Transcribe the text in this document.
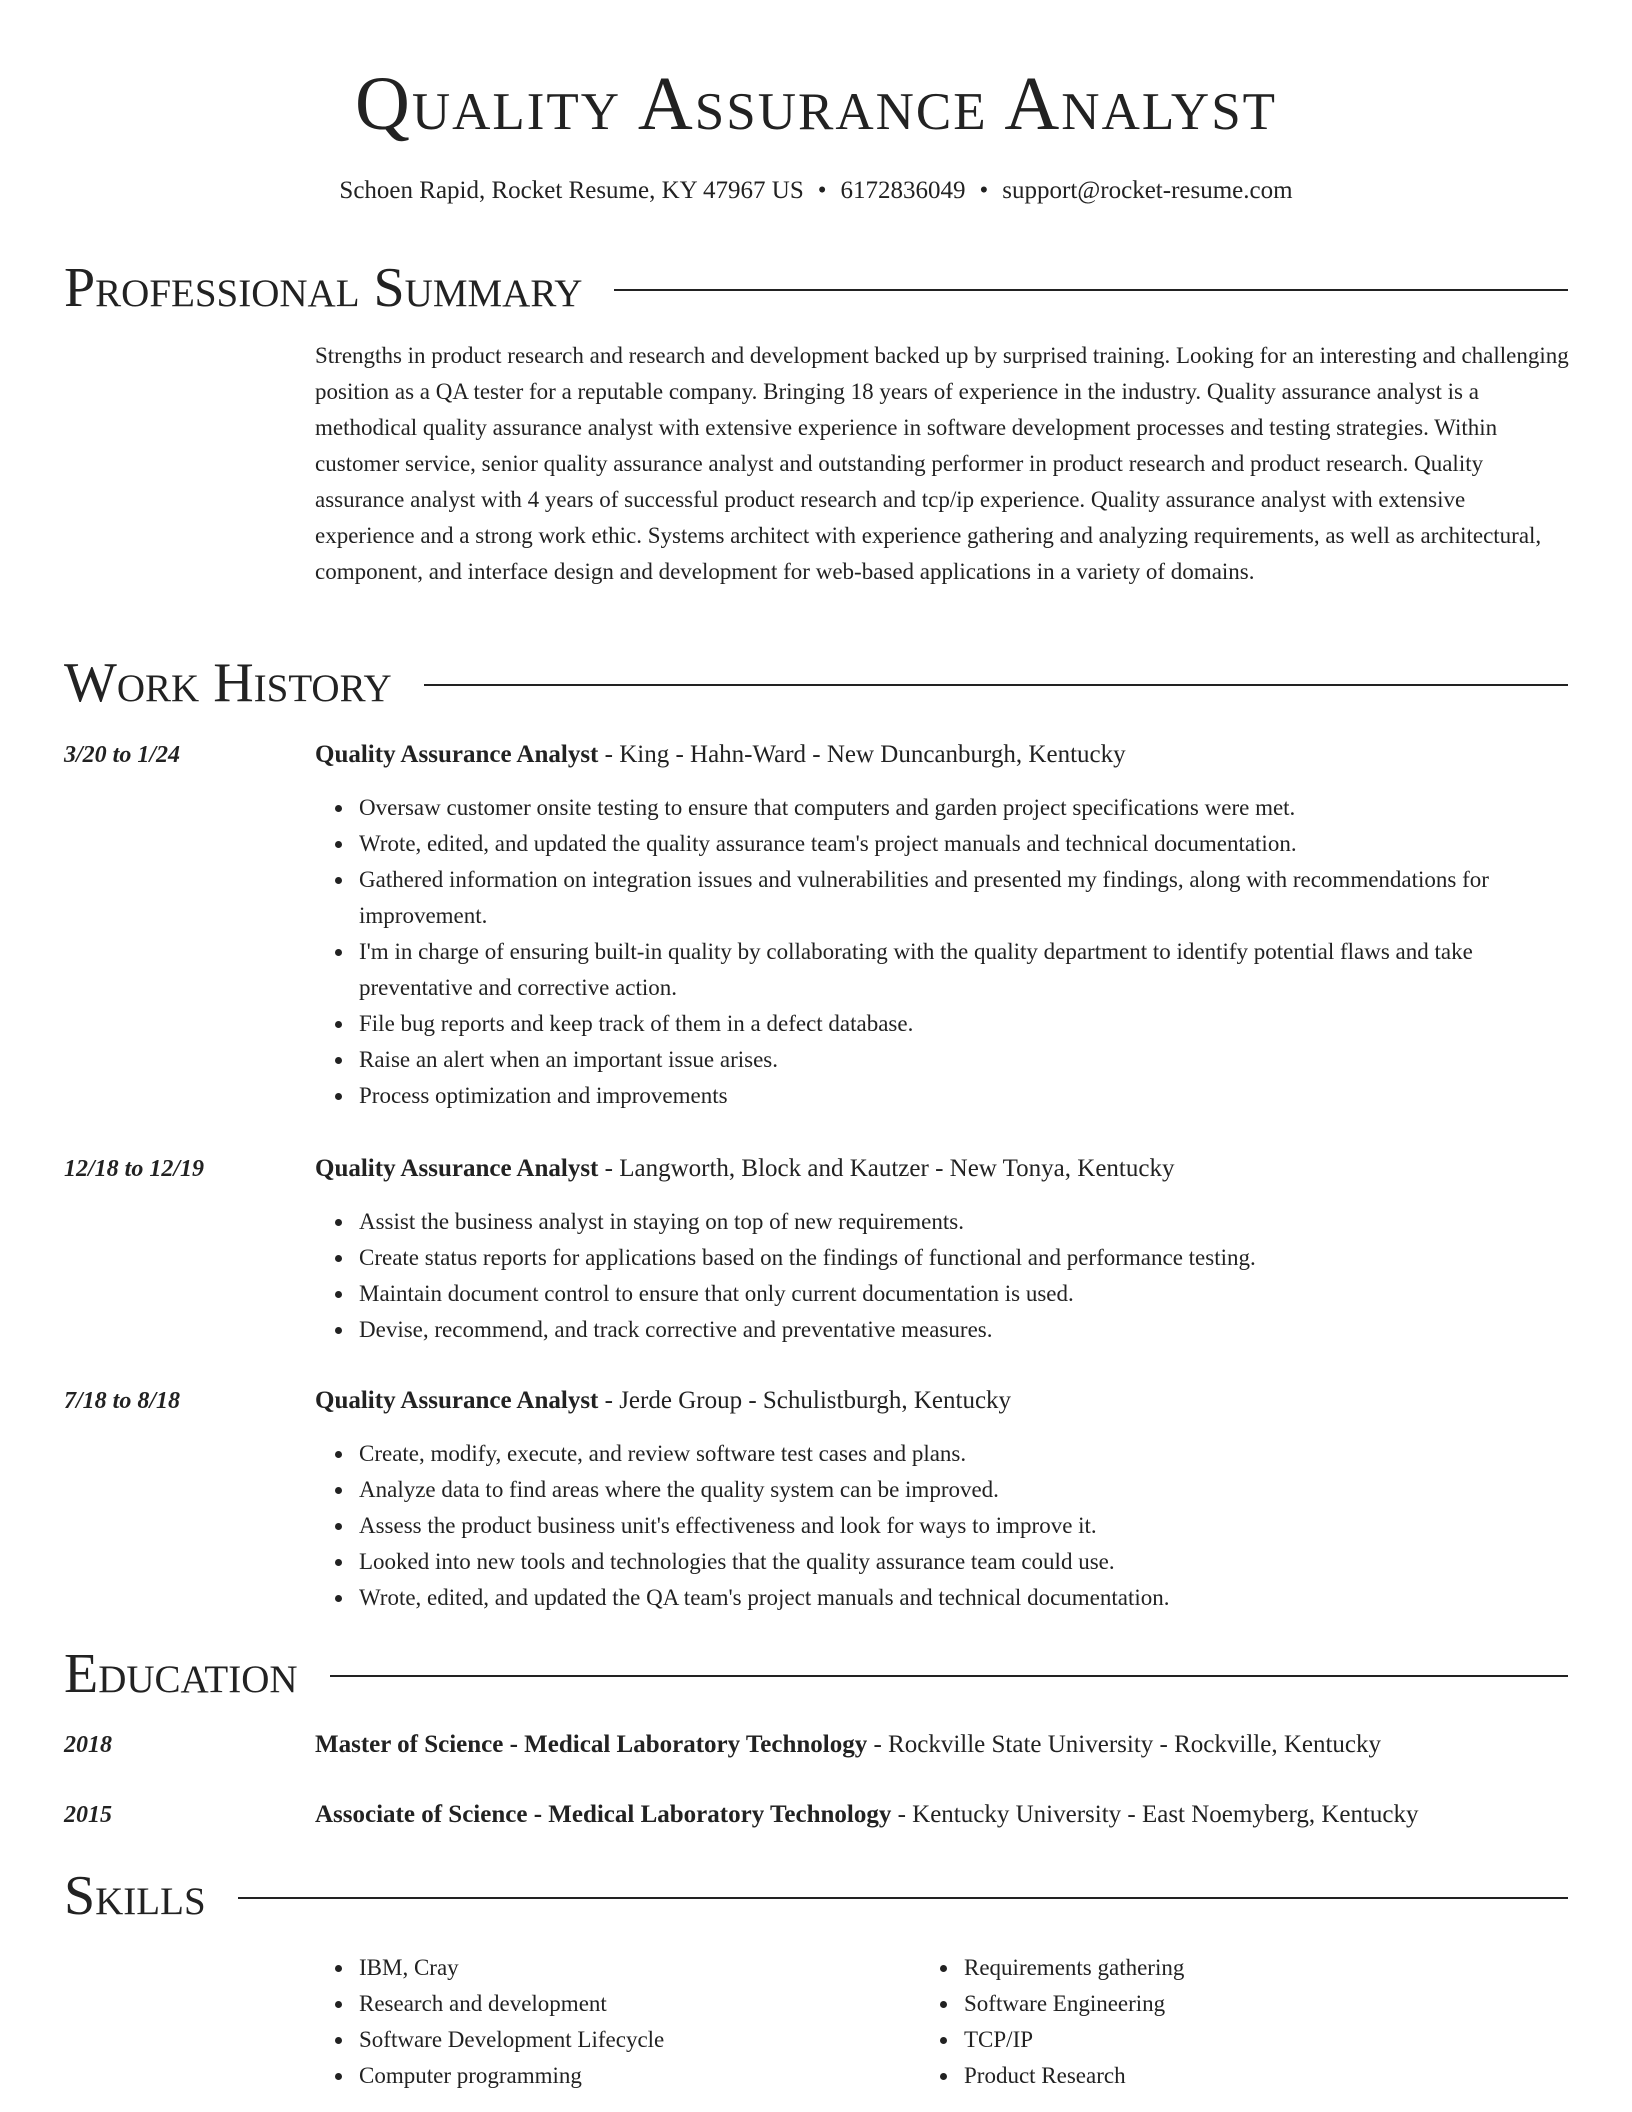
Quality Assurance Analyst
Schoen Rapid, Rocket Resume, KY 47967 US • 6172836049 • support@rocket-resume.com
Professional Summary

Strengths in product research and research and development backed up by surprised training. Looking for an interesting and challenging position as a QA tester for a reputable company. Bringing 18 years of experience in the industry. Quality assurance analyst is a methodical quality assurance analyst with extensive experience in software development processes and testing strategies. Within customer service, senior quality assurance analyst and outstanding performer in product research and product research. Quality assurance analyst with 4 years of successful product research and tcp/ip experience. Quality assurance analyst with extensive experience and a strong work ethic. Systems architect with experience gathering and analyzing requirements, as well as architectural, component, and interface design and development for web-based applications in a variety of domains.

Work History
3/20 to 1/24	Quality Assurance Analyst - King - Hahn-Ward - New Duncanburgh, Kentucky
Oversaw customer onsite testing to ensure that computers and garden project specifications were met.
Wrote, edited, and updated the quality assurance team's project manuals and technical documentation.
Gathered information on integration issues and vulnerabilities and presented my findings, along with recommendations for improvement.
I'm in charge of ensuring built-in quality by collaborating with the quality department to identify potential flaws and take preventative and corrective action.
File bug reports and keep track of them in a defect database.
Raise an alert when an important issue arises.
Process optimization and improvements
12/18 to 12/19	Quality Assurance Analyst - Langworth, Block and Kautzer - New Tonya, Kentucky
Assist the business analyst in staying on top of new requirements.
Create status reports for applications based on the findings of functional and performance testing.
Maintain document control to ensure that only current documentation is used.
Devise, recommend, and track corrective and preventative measures.
7/18 to 8/18	Quality Assurance Analyst - Jerde Group - Schulistburgh, Kentucky
Create, modify, execute, and review software test cases and plans.
Analyze data to find areas where the quality system can be improved.
Assess the product business unit's effectiveness and look for ways to improve it.
Looked into new tools and technologies that the quality assurance team could use.
Wrote, edited, and updated the QA team's project manuals and technical documentation.
Education
2018	Master of Science - Medical Laboratory Technology - Rockville State University - Rockville, Kentucky
2015	Associate of Science - Medical Laboratory Technology - Kentucky University - East Noemyberg, Kentucky
Skills
IBM, Cray
Research and development
Software Development Lifecycle
Computer programming
Requirements gathering
Software Engineering
TCP/IP
Product Research
